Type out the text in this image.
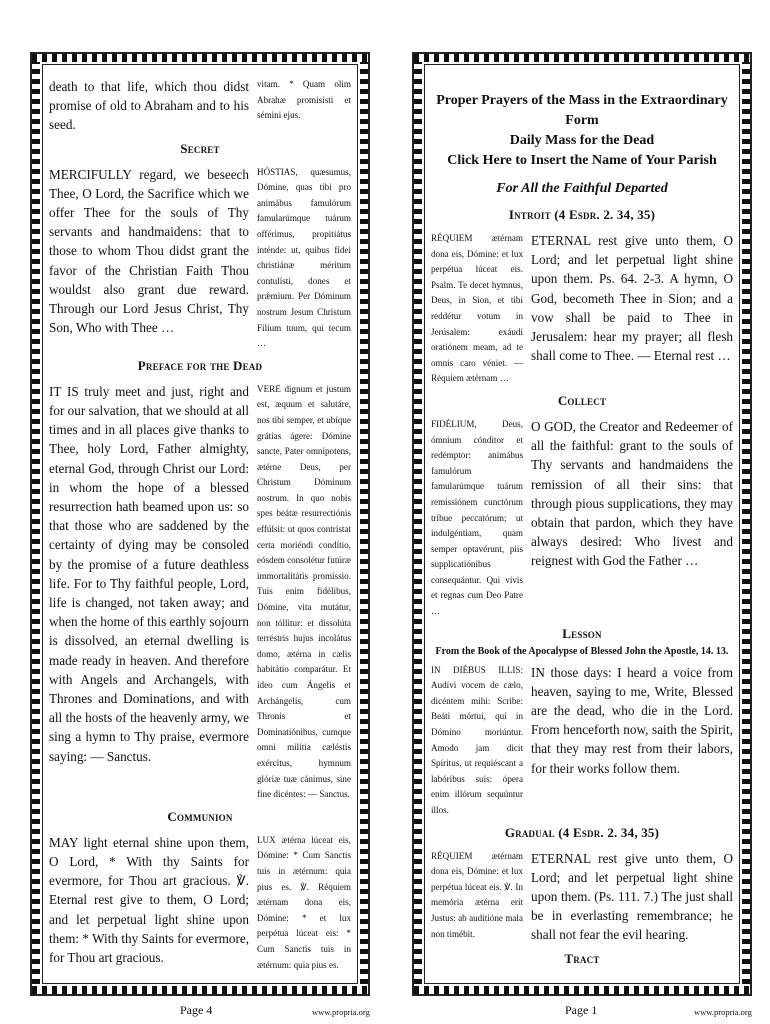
death to that life, which thou didst promise of old to Abraham and to his seed.
vitam. * Quam olim Abrahæ promisisti et sémini ejus.
Secret
MERCIFULLY regard, we beseech Thee, O Lord, the Sacrifice which we offer Thee for the souls of Thy servants and handmaidens: that to those to whom Thou didst grant the favor of the Christian Faith Thou wouldst also grant due reward. Through our Lord Jesus Christ, Thy Son, Who with Thee …
HÓSTIAS, quæsumus, Dómine, quas tibi pro animábus famulórum famularúmque tuárum offérimus, propitiátus inténde: ut, quibus fídei christiánæ méritum contulísti, dones et prǽmium. Per Dóminum nostrum Jesum Christum Fílium tuum, qui tecum …
Preface for the Dead
IT IS truly meet and just, right and for our salvation, that we should at all times and in all places give thanks to Thee, holy Lord, Father almighty, eternal God, through Christ our Lord: in whom the hope of a blessed resurrection hath beamed upon us: so that those who are saddened by the certainty of dying may be consoled by the promise of a future deathless life. For to Thy faithful people, Lord, life is changed, not taken away; and when the home of this earthly sojourn is dissolved, an eternal dwelling is made ready in heaven. And therefore with Angels and Archangels, with Thrones and Dominations, and with all the hosts of the heavenly army, we sing a hymn to Thy praise, evermore saying: — Sanctus.
VERE dignum et justum est, æquum et salutáre, nos tibi semper, et ubíque grátias ágere: Dómine sancte, Pater omnípotens, ætérne Deus, per Christum Dóminum nostrum. In quo nobis spes beátæ resurrectiónis effúlsit: ut quos contrístat certa moriéndi condítio, eósdem consolétur futúræ immortalitátis promíssio. Tuis enim fidélibus, Dómine, vita mutátur, non tóllitur: et dissolúta terréstris hujus incolátus domo, ætérna in cælis habitátio comparátur. Et ídeo cum Ángelis et Archángelis, cum Thronis et Dominatiónibus, cumque omni milítia cæléstis exércitus, hymnum glóriæ tuæ cánimus, sine fine dicéntes: — Sanctus.
Communion
MAY light eternal shine upon them, O Lord, * With thy Saints for evermore, for Thou art gracious. ℣. Eternal rest give to them, O Lord; and let perpetual light shine upon them: * With thy Saints for evermore, for Thou art gracious.
LUX ætérna lúceat eis, Dómine: * Cum Sanctis tuis in ætérnum: quia pius es. ℣. Réquiem ætérnam dona eis, Dómine: * et lux perpétua lúceat eis: * Cum Sanctis tuis in ætérnum: quia pius es.
Page 4	www.propria.org
Proper Prayers of the Mass in the Extraordinary Form
Daily Mass for the Dead
Click Here to Insert the Name of Your Parish
For All the Faithful Departed
Introit (4 Esdr. 2. 34, 35)
RÉQUIEM ætérnam dona eis, Dómine: et lux perpétua lúceat eis. Psalm. Te decet hymnus, Deus, in Sion, et tibi reddétur votum in Jerúsalem: exáudi oratiónem meam, ad te omnis caro véniet. — Réquiem ætérnam …
ETERNAL rest give unto them, O Lord; and let perpetual light shine upon them. Ps. 64. 2-3. A hymn, O God, becometh Thee in Sion; and a vow shall be paid to Thee in Jerusalem: hear my prayer; all flesh shall come to Thee. — Eternal rest …
Collect
FIDÉLIUM, Deus, ómnium cónditor et redémptor: animábus famulórum famularúmque tuárum remissiónem cunctórum tríbue peccatórum; ut indulgéntiam, quam semper optavérunt, piis supplicatiónibus consequántur. Qui vivis et regnas cum Deo Patre …
O GOD, the Creator and Redeemer of all the faithful: grant to the souls of Thy servants and handmaidens the remission of all their sins: that through pious supplications, they may obtain that pardon, which they have always desired: Who livest and reignest with God the Father …
Lesson
From the Book of the Apocalypse of Blessed John the Apostle, 14. 13.
IN DIÉBUS ILLIS: Audívi vocem de cælo, dicéntem mihi: Scribe: Beáti mórtui, qui in Dómino moriúntur. Amodo jam dicit Spíritus, ut requiéscant a labóribus suis: ópera enim illórum sequúntur illos.
IN those days: I heard a voice from heaven, saying to me, Write, Blessed are the dead, who die in the Lord. From henceforth now, saith the Spirit, that they may rest from their labors, for their works follow them.
Gradual (4 Esdr. 2. 34, 35)
RÉQUIEM ætérnam dona eis, Dómine: et lux perpétua lúceat eis. ℣. In memória ætérna erit Justus: ab auditióne mala non timébit.
ETERNAL rest give unto them, O Lord; and let perpetual light shine upon them. (Ps. 111. 7.) The just shall be in everlasting remembrance; he shall not fear the evil hearing.
Tract
Page 1	www.propria.org
